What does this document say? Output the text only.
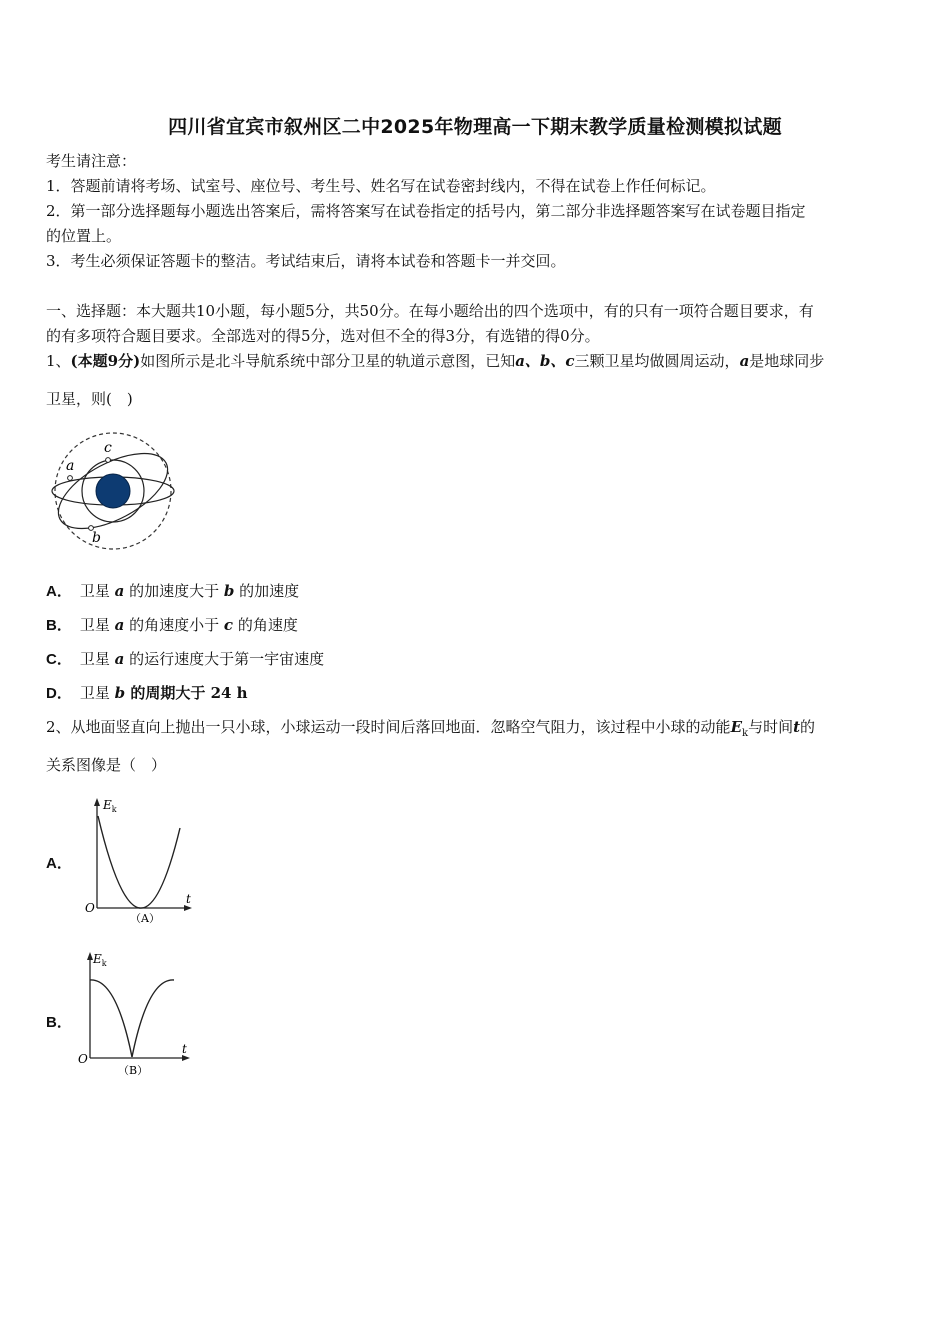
四川省宜宾市叙州区二中2025年物理高一下期末教学质量检测模拟试题
考生请注意：
1．答题前请将考场、试室号、座位号、考生号、姓名写在试卷密封线内，不得在试卷上作任何标记。
2．第一部分选择题每小题选出答案后，需将答案写在试卷指定的括号内，第二部分非选择题答案写在试卷题目指定
的位置上。
3．考生必须保证答题卡的整洁。考试结束后，请将本试卷和答题卡一并交回。
一、选择题：本大题共10小题，每小题5分，共50分。在每小题给出的四个选项中，有的只有一项符合题目要求，有
的有多项符合题目要求。全部选对的得5分，选对但不全的得3分，有选错的得0分。
1、(本题9分)如图所示是北斗导航系统中部分卫星的轨道示意图，已知a、b、c三颗卫星均做圆周运动，a是地球同步
卫星，则(　)
a
c
b
A． 卫星 a 的加速度大于 b 的加速度
B． 卫星 a 的角速度小于 c 的角速度
C． 卫星 a 的运行速度大于第一宇宙速度
D． 卫星 b 的周期大于 24 h
2、从地面竖直向上抛出一只小球，小球运动一段时间后落回地面．忽略空气阻力，该过程中小球的动能$E_k$与时间t的
关系图像是（　）
A．
$E_k$
t
O
（A）
B．
$E_k$
t
O
（B）
